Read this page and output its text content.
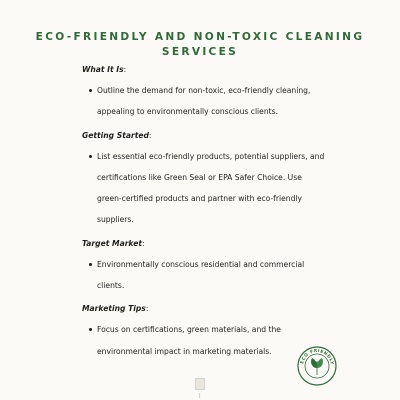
ECO-FRIENDLY AND NON-TOXIC CLEANING SERVICES

What It Is:

Outline the demand for non-toxic, eco-friendly cleaning, appealing to environmentally conscious clients.

Getting Started:

List essential eco-friendly products, potential suppliers, and certifications like Green Seal or EPA Safer Choice. Use green-certified products and partner with eco-friendly suppliers.

Target Market:

Environmentally conscious residential and commercial clients.

Marketing Tips:

Focus on certifications, green materials, and the environmental impact in marketing materials.
ECO FRIENDLY
|
